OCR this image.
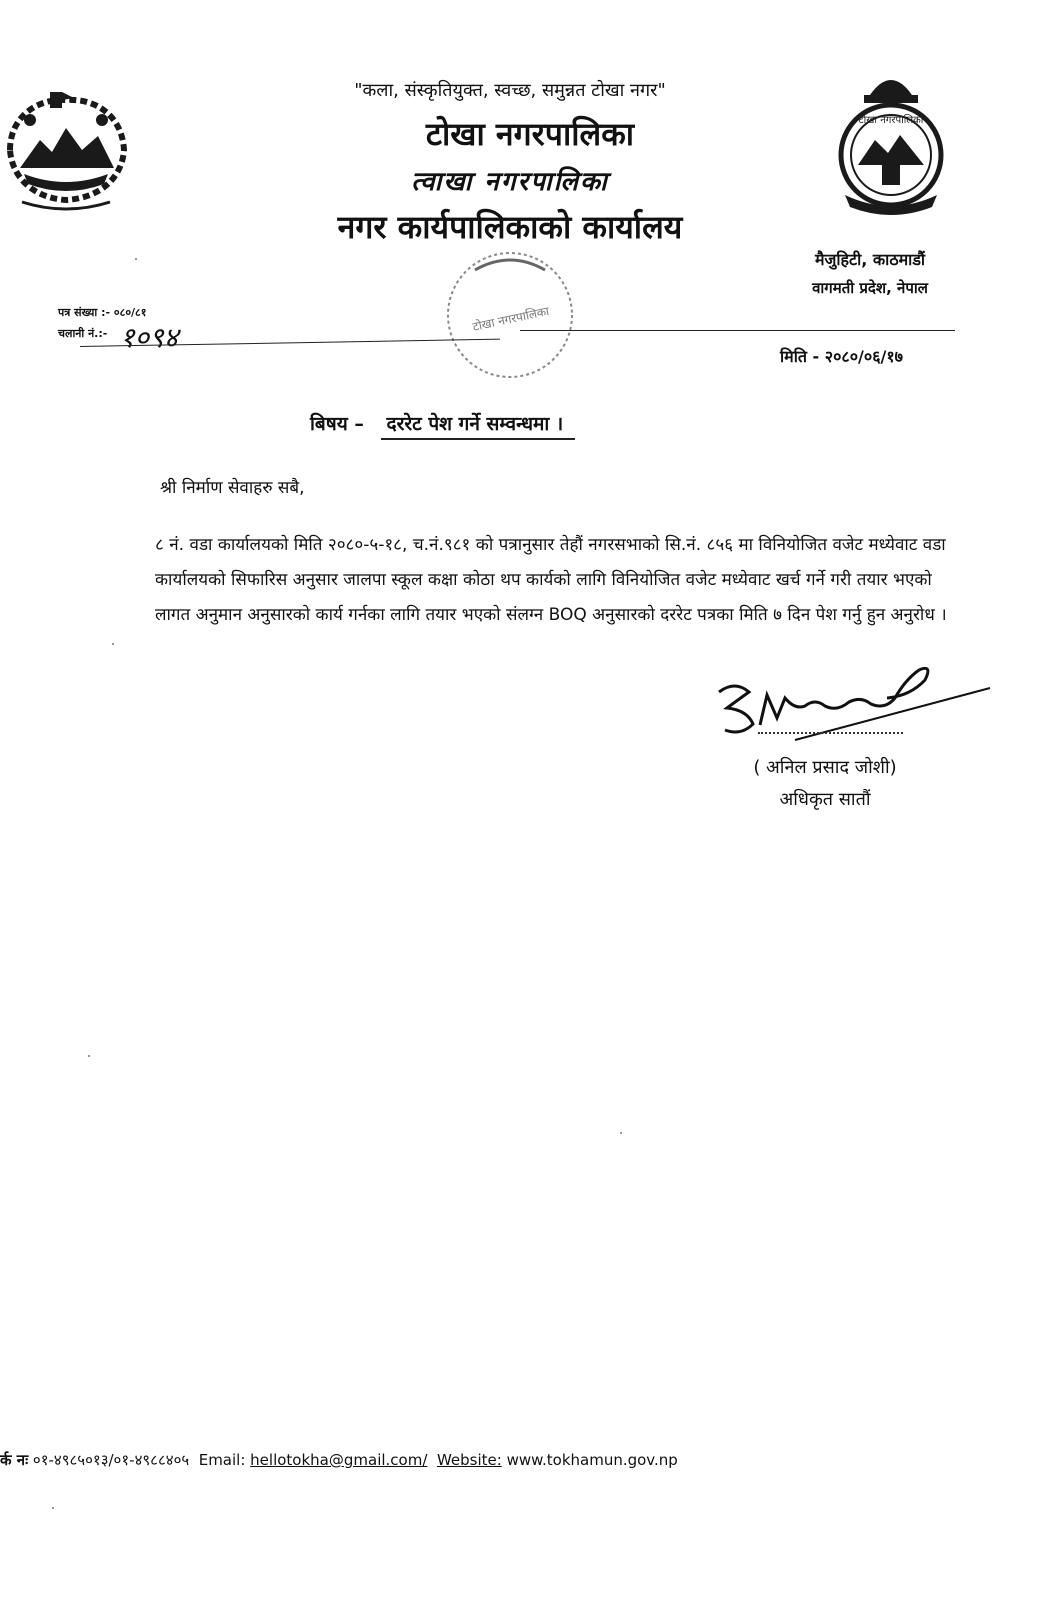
टोखा नगरपालिका
टोखा नगरपालिका
"कला, संस्कृतियुक्त, स्वच्छ, समुन्नत टोखा नगर"
टोखा नगरपालिका
त्वाखा नगरपालिका
नगर कार्यपालिकाको कार्यालय
मैजुहिटी, काठमाडौं
वागमती प्रदेश, नेपाल
पत्र संख्या :- ०८०/८१
चलानी नं.:- १०९४
मिति - २०८०/०६/१७
बिषय – दररेट पेश गर्ने सम्वन्धमा ।
श्री निर्माण सेवाहरु सबै,
८ नं. वडा कार्यालयको मिति २०८०-५-१८, च.नं.९८१ को पत्रानुसार तेहौं नगरसभाको सि.नं. ८५६ मा विनियोजित वजेट मध्येवाट वडा कार्यालयको सिफारिस अनुसार जालपा स्कूल कक्षा कोठा थप कार्यको लागि विनियोजित वजेट मध्येवाट खर्च गर्ने गरी तयार भएको लागत अनुमान अनुसारको कार्य गर्नका लागि तयार भएको संलग्न BOQ अनुसारको दररेट पत्रका मिति ७ दिन पेश गर्नु हुन अनुरोध ।
( अनिल प्रसाद जोशी)
अधिकृत सातौं
र्क नः ०१-४९८५०१३/०१-४९८८४०५ Email: hellotokha@gmail.com/ Website: www.tokhamun.gov.np
